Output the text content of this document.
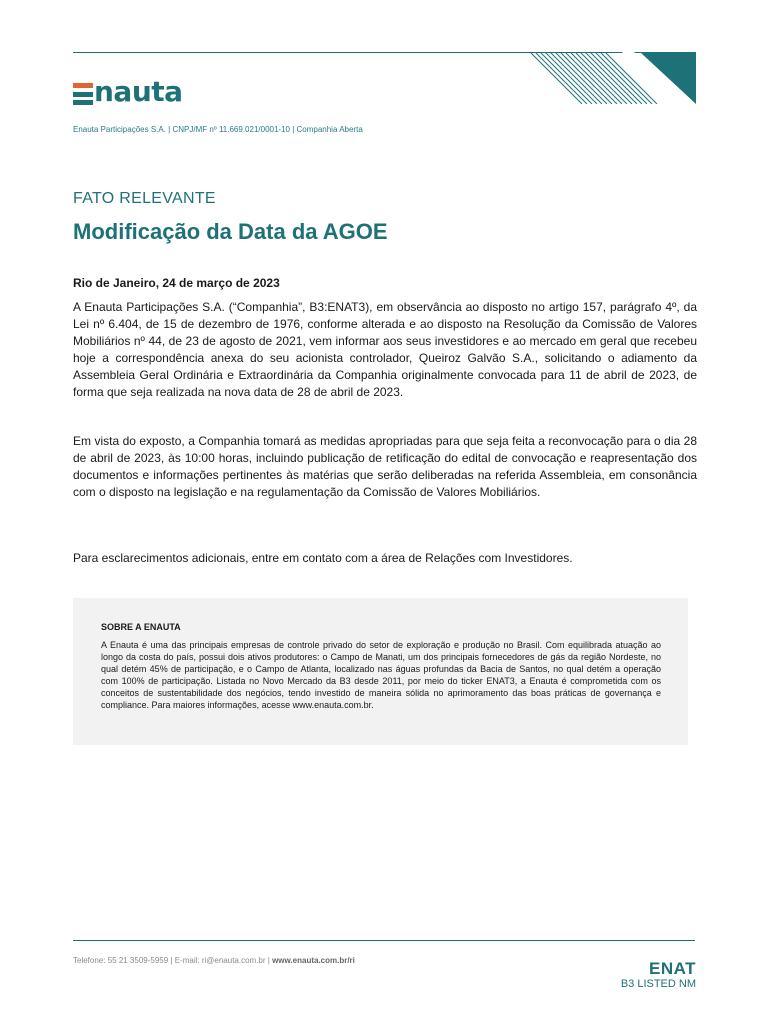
nauta
Enauta Participações S.A. | CNPJ/MF nº 11.669.021/0001-10 | Companhia Aberta
FATO RELEVANTE
Modificação da Data da AGOE
Rio de Janeiro, 24 de março de 2023

A Enauta Participações S.A. (“Companhia”, B3:ENAT3), em observância ao disposto no artigo 157, parágrafo 4º, da Lei nº 6.404, de 15 de dezembro de 1976, conforme alterada e ao disposto na Resolução da Comissão de Valores Mobiliários nº 44, de 23 de agosto de 2021, vem informar aos seus investidores e ao mercado em geral que recebeu hoje a correspondência anexa do seu acionista controlador, Queiroz Galvão S.A., solicitando o adiamento da Assembleia Geral Ordinária e Extraordinária da Companhia originalmente convocada para 11 de abril de 2023, de forma que seja realizada na nova data de 28 de abril de 2023.

Em vista do exposto, a Companhia tomará as medidas apropriadas para que seja feita a reconvocação para o dia 28 de abril de 2023, às 10:00 horas, incluindo publicação de retificação do edital de convocação e reapresentação dos documentos e informações pertinentes às matérias que serão deliberadas na referida Assembleia, em consonância com o disposto na legislação e na regulamentação da Comissão de Valores Mobiliários.

Para esclarecimentos adicionais, entre em contato com a área de Relações com Investidores.

SOBRE A ENAUTA

A Enauta é uma das principais empresas de controle privado do setor de exploração e produção no Brasil. Com equilibrada atuação ao longo da costa do país, possui dois ativos produtores: o Campo de Manati, um dos principais fornecedores de gás da região Nordeste, no qual detém 45% de participação, e o Campo de Atlanta, localizado nas águas profundas da Bacia de Santos, no qual detém a operação com 100% de participação. Listada no Novo Mercado da B3 desde 2011, por meio do ticker ENAT3, a Enauta é comprometida com os conceitos de sustentabilidade dos negócios, tendo investido de maneira sólida no aprimoramento das boas práticas de governança e compliance. Para maiores informações, acesse www.enauta.com.br.

Telefone: 55 21 3509-5959 | E-mail: ri@enauta.com.br | www.enauta.com.br/ri	ENAT
B3 LISTED NM
